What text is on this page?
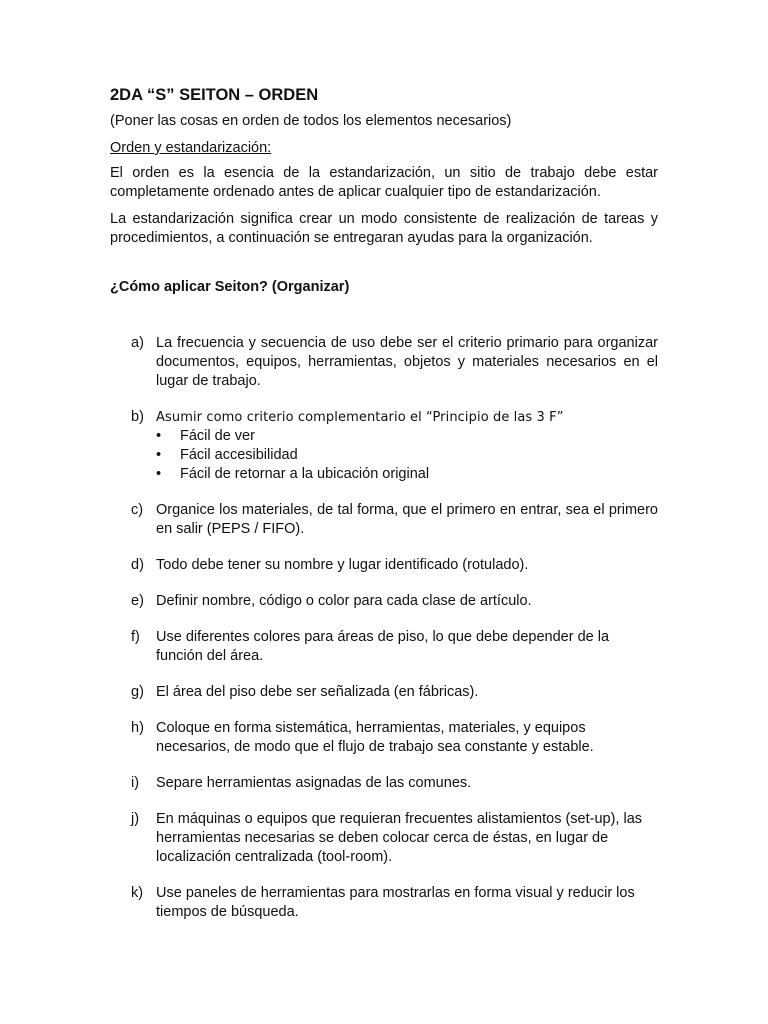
2DA “S” SEITON – ORDEN
(Poner las cosas en orden de todos los elementos necesarios)
Orden y estandarización:
El orden es la esencia de la estandarización, un sitio de trabajo debe estar completamente ordenado antes de aplicar cualquier tipo de estandarización.
La estandarización significa crear un modo consistente de realización de tareas y procedimientos, a continuación se entregaran ayudas para la organización.
¿Cómo aplicar Seiton? (Organizar)
a) La frecuencia y secuencia de uso debe ser el criterio primario para organizar documentos, equipos, herramientas, objetos y materiales necesarios en el lugar de trabajo.
b) Asumir como criterio complementario el “Principio de las 3 F”
• Fácil de ver
• Fácil accesibilidad
• Fácil de retornar a la ubicación original
c) Organice los materiales, de tal forma, que el primero en entrar, sea el primero en salir (PEPS / FIFO).
d) Todo debe tener su nombre y lugar identificado (rotulado).
e) Definir nombre, código o color para cada clase de artículo.
f) Use diferentes colores para áreas de piso, lo que debe depender de la función del área.
g) El área del piso debe ser señalizada (en fábricas).
h) Coloque en forma sistemática, herramientas, materiales, y equipos necesarios, de modo que el flujo de trabajo sea constante y estable.
i) Separe herramientas asignadas de las comunes.
j) En máquinas o equipos que requieran frecuentes alistamientos (set-up), las herramientas necesarias se deben colocar cerca de éstas, en lugar de localización centralizada (tool-room).
k) Use paneles de herramientas para mostrarlas en forma visual y reducir los tiempos de búsqueda.
